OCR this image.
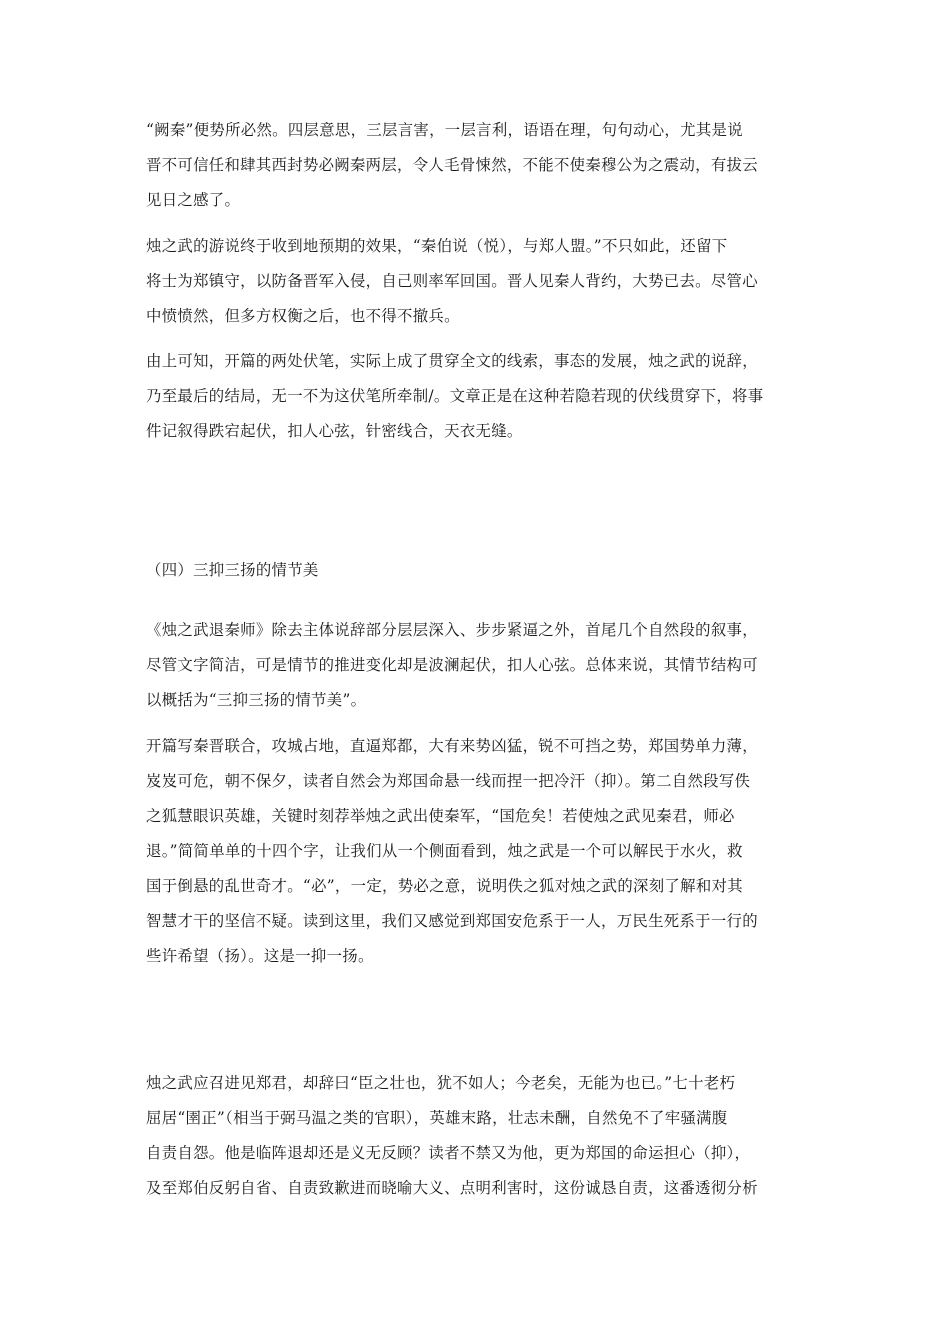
“阙秦”便势所必然。四层意思，三层言害，一层言利，语语在理，句句动心，尤其是说
晋不可信任和肆其西封势必阙秦两层，令人毛骨悚然，不能不使秦穆公为之震动，有拔云
见日之感了。

烛之武的游说终于收到地预期的效果，“秦伯说（悦），与郑人盟。”不只如此，还留下
将士为郑镇守，以防备晋军入侵，自己则率军回国。晋人见秦人背约，大势已去。尽管心
中愤愤然，但多方权衡之后，也不得不撤兵。

由上可知，开篇的两处伏笔，实际上成了贯穿全文的线索，事态的发展，烛之武的说辞，
乃至最后的结局，无一不为这伏笔所牵制/。文章正是在这种若隐若现的伏线贯穿下，将事
件记叙得跌宕起伏，扣人心弦，针密线合，天衣无缝。

（四）三抑三扬的情节美

《烛之武退秦师》除去主体说辞部分层层深入、步步紧逼之外，首尾几个自然段的叙事，
尽管文字简洁，可是情节的推进变化却是波澜起伏，扣人心弦。总体来说，其情节结构可
以概括为“三抑三扬的情节美”。

开篇写秦晋联合，攻城占地，直逼郑都，大有来势凶猛，锐不可挡之势，郑国势单力薄，
岌岌可危，朝不保夕，读者自然会为郑国命悬一线而捏一把冷汗（抑）。第二自然段写佚
之狐慧眼识英雄，关键时刻荐举烛之武出使秦军，“国危矣！若使烛之武见秦君，师必
退。”简简单单的十四个字，让我们从一个侧面看到，烛之武是一个可以解民于水火，救
国于倒悬的乱世奇才。“必”，一定，势必之意，说明佚之狐对烛之武的深刻了解和对其
智慧才干的坚信不疑。读到这里，我们又感觉到郑国安危系于一人，万民生死系于一行的
些许希望（扬）。这是一抑一扬。

烛之武应召进见郑君，却辞曰“臣之壮也，犹不如人；今老矣，无能为也已。”七十老朽
屈居“圉正”（相当于弼马温之类的官职），英雄末路，壮志未酬，自然免不了牢骚满腹
自责自怨。他是临阵退却还是义无反顾？读者不禁又为他，更为郑国的命运担心（抑），
及至郑伯反躬自省、自责致歉进而晓喻大义、点明利害时，这份诚恳自责，这番透彻分析
